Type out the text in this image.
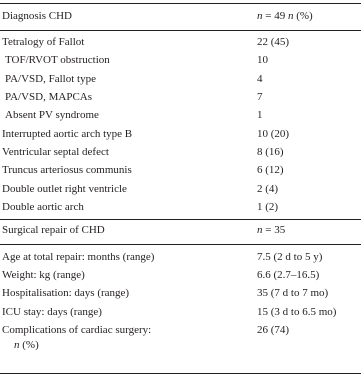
Diagnosis CHD	n = 49 n (%)
Tetralogy of Fallot	22 (45)
TOF/RVOT obstruction	10
PA/VSD, Fallot type	4
PA/VSD, MAPCAs	7
Absent PV syndrome	1
Interrupted aortic arch type B	10 (20)
Ventricular septal defect	8 (16)
Truncus arteriosus communis	6 (12)
Double outlet right ventricle	2 (4)
Double aortic arch	1 (2)
Surgical repair of CHD	n = 35
Age at total repair: months (range)	7.5 (2 d to 5 y)
Weight: kg (range)	6.6 (2.7–16.5)
Hospitalisation: days (range)	35 (7 d to 7 mo)
ICU stay: days (range)	15 (3 d to 6.5 mo)
Complications of cardiac surgery:	26 (74)
n (%)
